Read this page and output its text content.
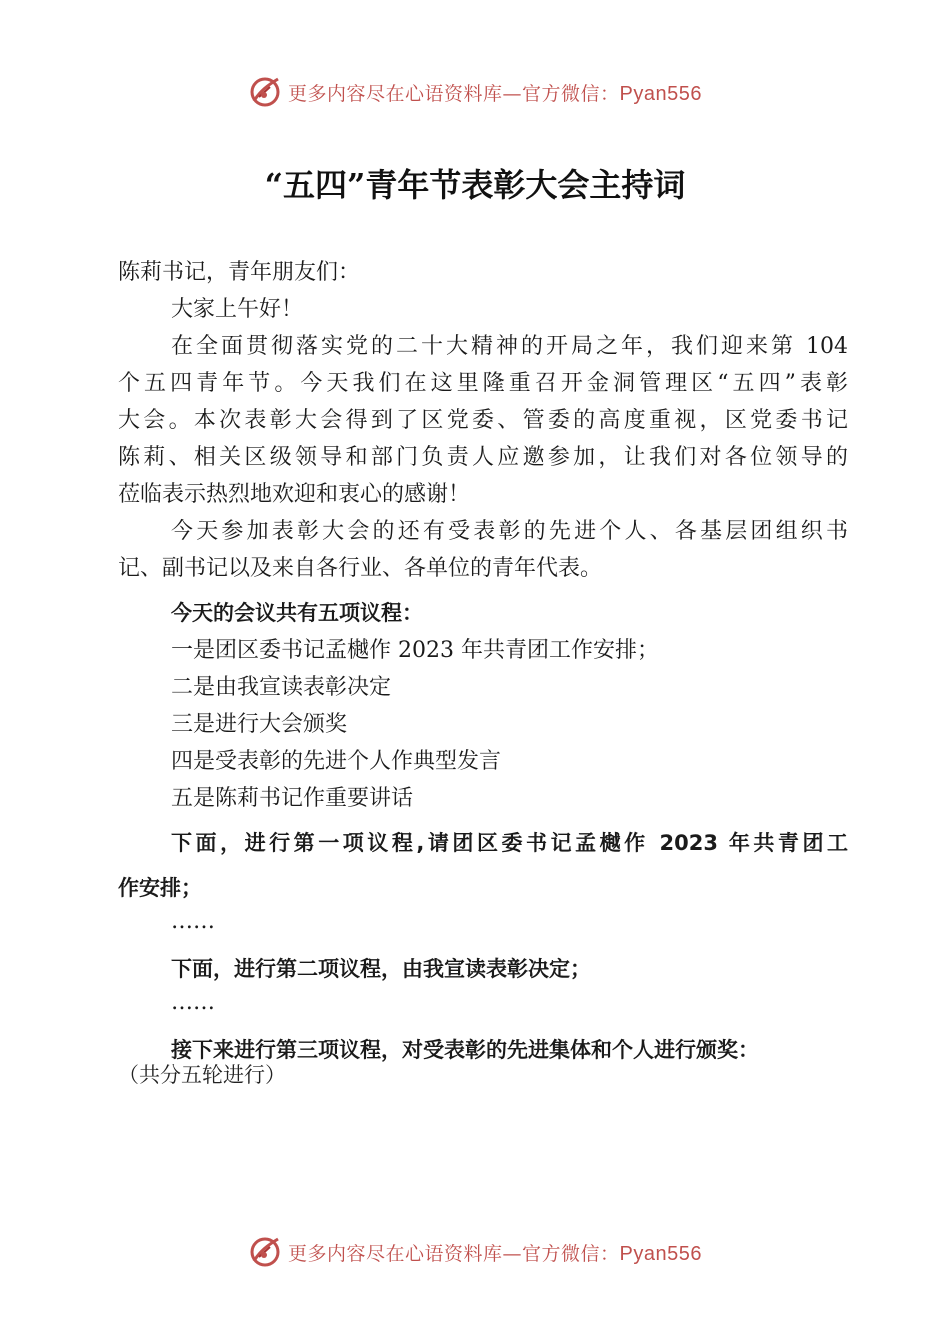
更多内容尽在心语资料库—官方微信：Pyan556
“五四”青年节表彰大会主持词

陈莉书记，青年朋友们：

大家上午好！

在全面贯彻落实党的二十大精神的开局之年，我们迎来第 104

个五四青年节。今天我们在这里隆重召开金洞管理区“五四”表彰

大会。本次表彰大会得到了区党委、管委的高度重视，区党委书记

陈莉、相关区级领导和部门负责人应邀参加，让我们对各位领导的

莅临表示热烈地欢迎和衷心的感谢！

今天参加表彰大会的还有受表彰的先进个人、各基层团组织书

记、副书记以及来自各行业、各单位的青年代表。

今天的会议共有五项议程：

一是团区委书记孟樾作 2023 年共青团工作安排；

二是由我宣读表彰决定

三是进行大会颁奖

四是受表彰的先进个人作典型发言

五是陈莉书记作重要讲话

下面，进行第一项议程,请团区委书记孟樾作 2023 年共青团工

作安排；

……

下面，进行第二项议程，由我宣读表彰决定；

……

接下来进行第三项议程，对受表彰的先进集体和个人进行颁奖：

（共分五轮进行）

更多内容尽在心语资料库—官方微信：Pyan556
